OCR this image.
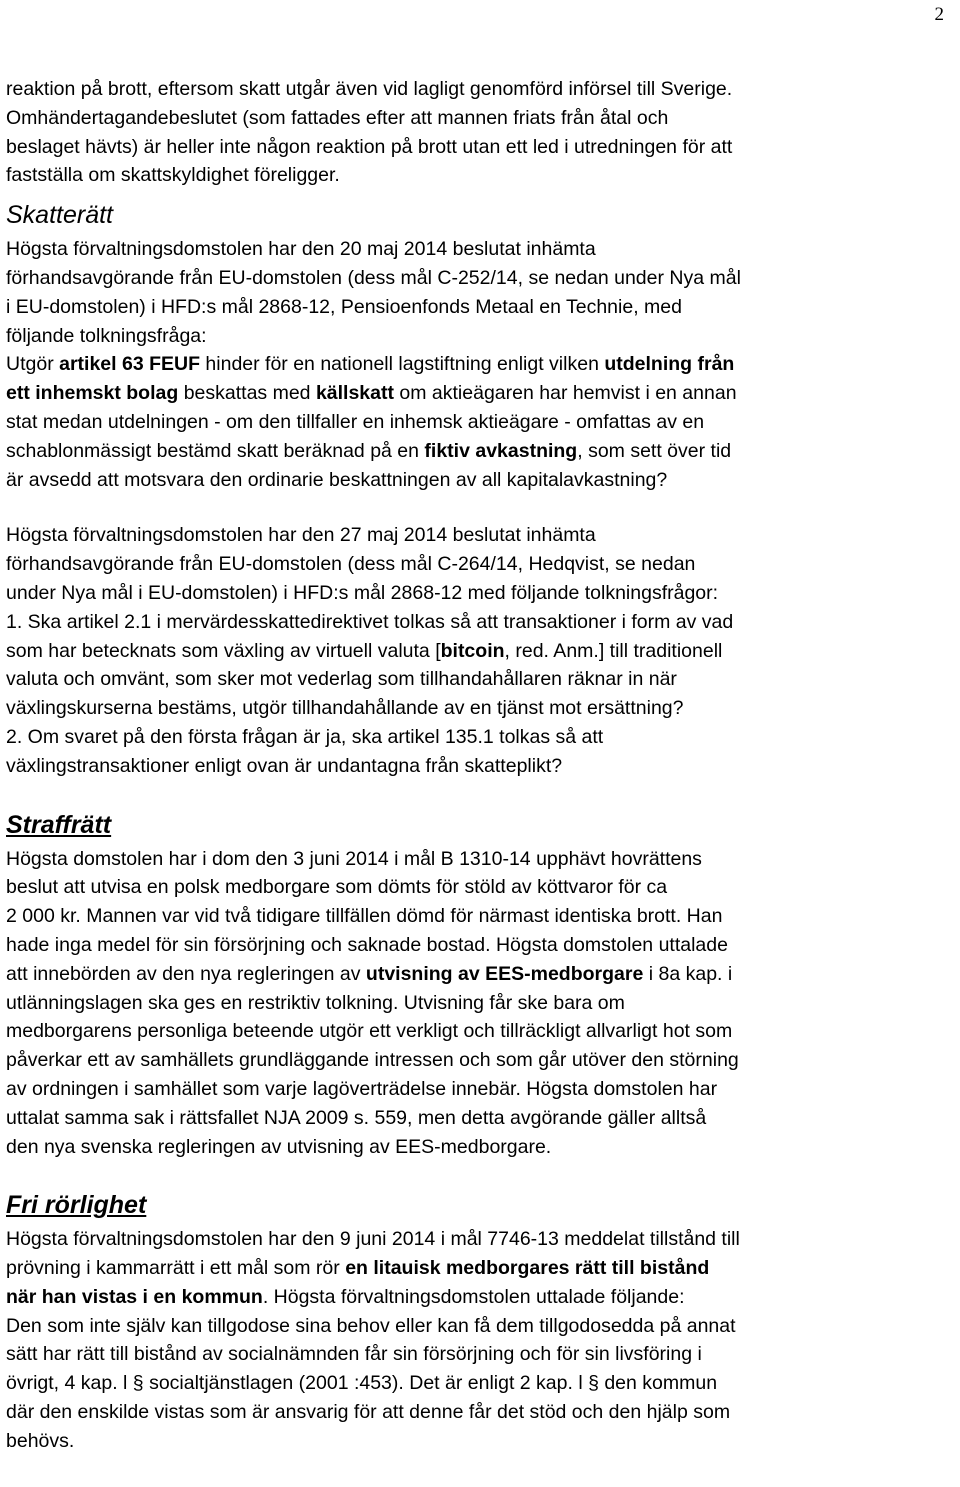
2

reaktion på brott, eftersom skatt utgår även vid lagligt genomförd införsel till Sverige.

Omhändertagandebeslutet (som fattades efter att mannen friats från åtal och

beslaget hävts) är heller inte någon reaktion på brott utan ett led i utredningen för att

fastställa om skattskyldighet föreligger.

Skatterätt

Högsta förvaltningsdomstolen har den 20 maj 2014 beslutat inhämta

förhandsavgörande från EU-domstolen (dess mål C-252/14, se nedan under Nya mål

i EU-domstolen) i HFD:s mål 2868-12, Pensioenfonds Metaal en Technie, med

följande tolkningsfråga:

Utgör artikel 63 FEUF hinder för en nationell lagstiftning enligt vilken utdelning från

ett inhemskt bolag beskattas med källskatt om aktieägaren har hemvist i en annan

stat medan utdelningen - om den tillfaller en inhemsk aktieägare - omfattas av en

schablonmässigt bestämd skatt beräknad på en fiktiv avkastning, som sett över tid

är avsedd att motsvara den ordinarie beskattningen av all kapitalavkastning?

Högsta förvaltningsdomstolen har den 27 maj 2014 beslutat inhämta

förhandsavgörande från EU-domstolen (dess mål C-264/14, Hedqvist, se nedan

under Nya mål i EU-domstolen) i HFD:s mål 2868-12 med följande tolkningsfrågor:

1. Ska artikel 2.1 i mervärdesskattedirektivet tolkas så att transaktioner i form av vad

som har betecknats som växling av virtuell valuta [bitcoin, red. Anm.] till traditionell

valuta och omvänt, som sker mot vederlag som tillhandahållaren räknar in när

växlingskurserna bestäms, utgör tillhandahållande av en tjänst mot ersättning?

2. Om svaret på den första frågan är ja, ska artikel 135.1 tolkas så att

växlingstransaktioner enligt ovan är undantagna från skatteplikt?

Straffrätt

Högsta domstolen har i dom den 3 juni 2014 i mål B 1310-14 upphävt hovrättens

beslut att utvisa en polsk medborgare som dömts för stöld av köttvaror för ca

2 000 kr. Mannen var vid två tidigare tillfällen dömd för närmast identiska brott. Han

hade inga medel för sin försörjning och saknade bostad. Högsta domstolen uttalade

att innebörden av den nya regleringen av utvisning av EES-medborgare i 8a kap. i

utlänningslagen ska ges en restriktiv tolkning. Utvisning får ske bara om

medborgarens personliga beteende utgör ett verkligt och tillräckligt allvarligt hot som

påverkar ett av samhällets grundläggande intressen och som går utöver den störning

av ordningen i samhället som varje lagöverträdelse innebär. Högsta domstolen har

uttalat samma sak i rättsfallet NJA 2009 s. 559, men detta avgörande gäller alltså

den nya svenska regleringen av utvisning av EES-medborgare.

Fri rörlighet

Högsta förvaltningsdomstolen har den 9 juni 2014 i mål 7746-13 meddelat tillstånd till

prövning i kammarrätt i ett mål som rör en litauisk medborgares rätt till bistånd

när han vistas i en kommun. Högsta förvaltningsdomstolen uttalade följande:

Den som inte själv kan tillgodose sina behov eller kan få dem tillgodosedda på annat

sätt har rätt till bistånd av socialnämnden får sin försörjning och för sin livsföring i

övrigt, 4 kap. l § socialtjänstlagen (2001 :453). Det är enligt 2 kap. l § den kommun

där den enskilde vistas som är ansvarig för att denne får det stöd och den hjälp som

behövs.
